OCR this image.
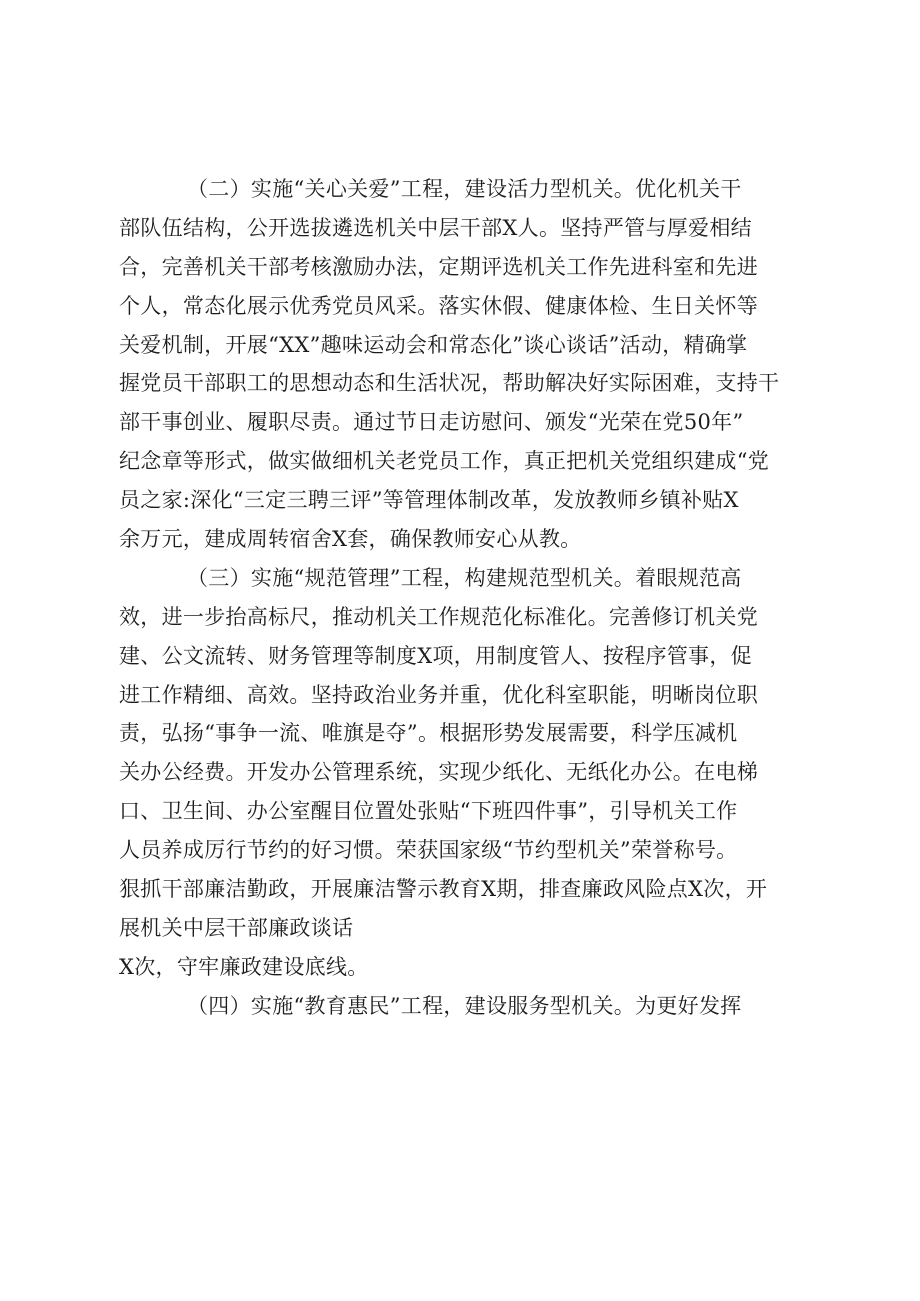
（二）实施“关心关爱”工程，建设活力型机关。优化机关干
部队伍结构，公开选拔遴选机关中层干部X人。坚持严管与厚爱相结
合，完善机关干部考核激励办法，定期评选机关工作先进科室和先进
个人，常态化展示优秀党员风采。落实休假、健康体检、生日关怀等
关爱机制，开展“XX”趣味运动会和常态化”谈心谈话”活动，精确掌
握党员干部职工的思想动态和生活状况，帮助解决好实际困难，支持干
部干事创业、履职尽责。通过节日走访慰问、颁发“光荣在党50年”
纪念章等形式，做实做细机关老党员工作，真正把机关党组织建成“党
员之家:深化“三定三聘三评”等管理体制改革，发放教师乡镇补贴X
余万元，建成周转宿舍X套，确保教师安心从教。
（三）实施“规范管理”工程，构建规范型机关。着眼规范高
效，进一步抬高标尺，推动机关工作规范化标准化。完善修订机关党
建、公文流转、财务管理等制度X项，用制度管人、按程序管事，促
进工作精细、高效。坚持政治业务并重，优化科室职能，明晰岗位职
责，弘扬“事争一流、唯旗是夺”。根据形势发展需要，科学压减机
关办公经费。开发办公管理系统，实现少纸化、无纸化办公。在电梯
口、卫生间、办公室醒目位置处张贴“下班四件事”，引导机关工作
人员养成厉行节约的好习惯。荣获国家级“节约型机关”荣誉称号。
狠抓干部廉洁勤政，开展廉洁警示教育X期，排查廉政风险点X次，开
展机关中层干部廉政谈话
X次，守牢廉政建设底线。
（四）实施“教育惠民”工程，建设服务型机关。为更好发挥
